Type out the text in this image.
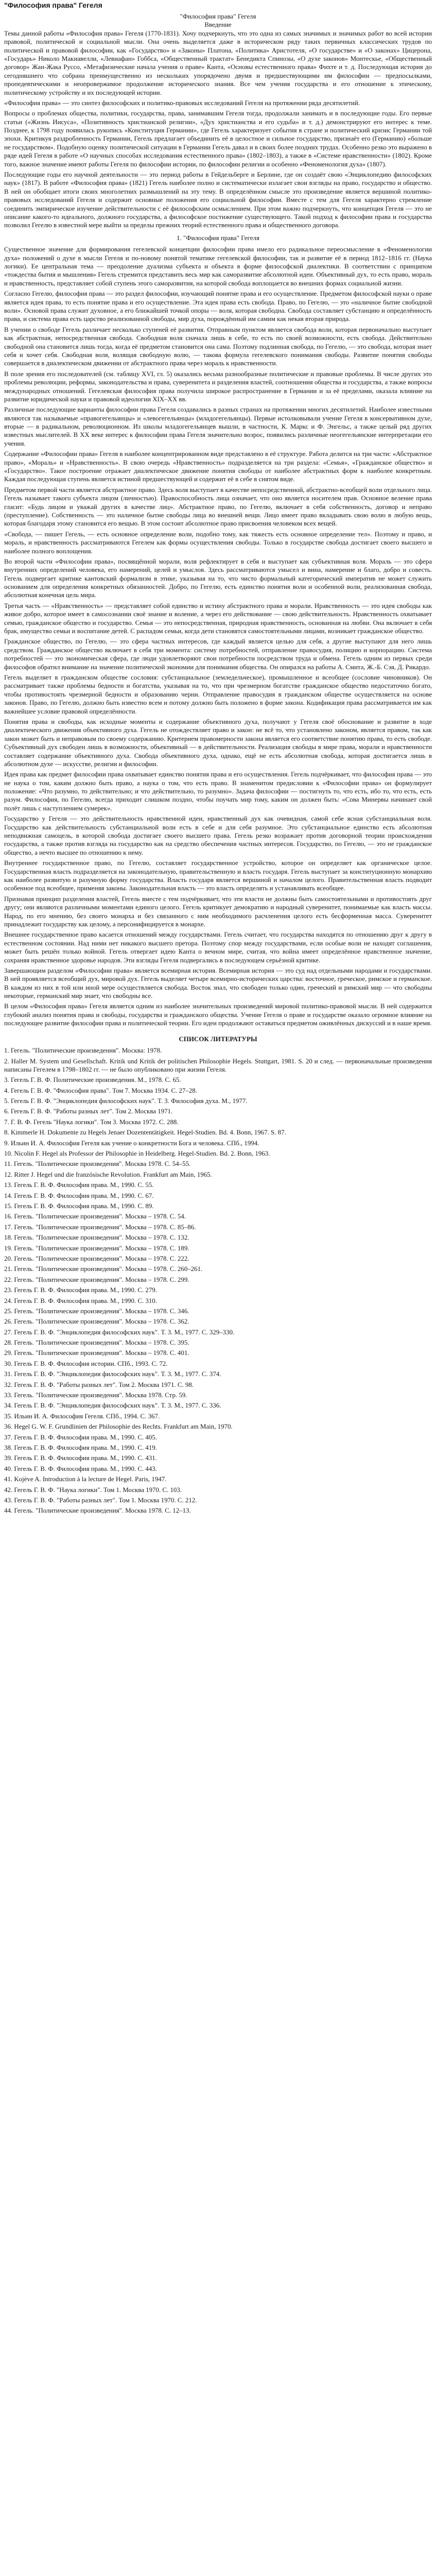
"Философия права" Гегеля

"Философия права" Гегеля

Введение

Темы данной работы «Философия права» Гегеля (1770-1831). Хочу подчеркнуть, что это одна из самых значимых и значимых работ во всей истории правовой, политической и социальной мысли. Она очень выделяется даже в историческом ряду таких первичных классических трудов по политической и правовой философии, как «Государство» и «Законы» Платона, «Политика» Аристотеля, «О государстве» и «О законах» Цицерона, «Государь» Николо Макиавелли, «Левиафан» Гоббса, «Общественный трактат» Бенедикта Спинозы, «О духе законов» Монтескье, «Общественный договор» Жан-Жака Руссо, «Метафизические начала учения о праве» Канта, «Основы естественного права» Фихте и т. д. Последующая история до сегодняшнего что собрана преимущественно из нескольких упорядочено двумя и предшествующими им философии — предпосылками, пропедевтическими и неопровержимое продолжение исторического знания. Все чем учения государства и его отношение к этическому, политическому устройству и их последующей истории.

«Философия права» — это синтез философских и политико-правовых исследований Гегеля на протяжении ряда десятилетий.

Вопросы о проблемах общества, политики, государства, права, занимавшим Гегеля тогда, продолжали занимать и в последующие годы. Его первые статьи («Жизнь Иисуса», «Позитивность христианской религии», «Дух христианства и его судьба» и т. д.) демонстрируют его интерес к теме. Позднее, к 1798 году появилась рукопись «Конституция Германии», где Гегель характеризует события в стране и политический кризис Германии той эпохи. Критикуя раздробленность Германии, Гегель предлагает объединить её в целостное и сильное государство, признаёт его (Германию) «больше не государством». Подобную оценку политической ситуации в Германии Гегель давал и в своих более поздних трудах. Особенно резко это выражено в ряде идей Гегеля в работе «О научных способах исследования естественного права» (1802–1803), а также в «Системе нравственности» (1802). Кроме того, важное значение имеют работы Гегеля по философии истории, по философии религии и особенно «Феноменология духа» (1807).

Последующие годы его научной деятельности — это период работы в Гейдельберге и Берлине, где он создаёт свою «Энциклопедию философских наук» (1817). В работе «Философия права» (1821) Гегель наиболее полно и систематически излагает свои взгляды на право, государство и общество. В ней он обобщает итоги своих многолетних размышлений на эту тему. В определённом смысле это произведение является вершиной политико-правовых исследований Гегеля и содержит основные положения его социальной философии. Вместе с тем для Гегеля характерно стремление соединить эмпирическое изучение действительности с её философским осмыслением. При этом важно подчеркнуть, что концепция Гегеля — это не описание какого-то идеального, должного государства, а философское постижение существующего. Такой подход к философии права и государства позволил Гегелю в известной мере выйти за пределы прежних теорий естественного права и общественного договора.

1. "Философия права" Гегеля

Существенное значение для формирования гегелевской концепции философии права имело его радикальное переосмысление в «Феноменологии духа» положений о духе в мысли Гегеля и по-новому понятой тематике гегелевской философии, так и развитие её в период 1812–1816 гг. (Наука логики). Ее центральная тема — преодоление дуализма субъекта и объекта в форме философской диалектики. В соответствии с принципом «тождества бытия и мышления» Гегель стремится представить весь мир как саморазвитие абсолютной идеи. Объективный дух, то есть право, мораль и нравственность, представляет собой ступень этого саморазвития, на которой свобода воплощается во внешних формах социальной жизни.

Согласно Гегелю, философия права — это раздел философии, изучающий понятие права и его осуществление. Предметом философской науки о праве является идея права, то есть понятие права и его осуществление. Эта идея права есть свобода. Право, по Гегелю, — это «наличное бытие свободной воли». Основой права служит духовное, а его ближайшей точкой опоры — воля, которая свободна. Свобода составляет субстанцию и определённость права, и система права есть царство реализованной свободы, мир духа, порождённый им самим как некая вторая природа.

В учении о свободе Гегель различает несколько ступеней её развития. Отправным пунктом является свобода воли, которая первоначально выступает как абстрактная, непосредственная свобода. Свободная воля сначала лишь в себе, то есть по своей возможности, есть свобода. Действительно свободной она становится лишь тогда, когда её предметом становится она сама. Поэтому подлинная свобода, по Гегелю, — это свобода, которая знает себя и хочет себя. Свободная воля, волящая свободную волю, — такова формула гегелевского понимания свободы. Развитие понятия свободы совершается в диалектическом движении от абстрактного права через мораль к нравственности.

В поле зрения его последователей (см. таблицу XVI, гл. 5) оказались весьма разнообразные политические и правовые проблемы. В числе других это проблемы революции, реформы, законодательства и права, суверенитета и разделения властей, соотношения общества и государства, а также вопросы международных отношений. Гегелевская философия права получила широкое распространение в Германии и за её пределами, оказала влияние на развитие юридической науки и правовой идеологии XIX–XX вв.

Различные последующие варианты философии права Гегеля создавались в разных странах на протяжении многих десятилетий. Наиболее известными являются так называемые «правогегельянцы» и «левогегельянцы» (младогегельянцы). Первые истолковывали учение Гегеля в консервативном духе, вторые — в радикальном, революционном. Из школы младогегельянцев вышли, в частности, К. Маркс и Ф. Энгельс, а также целый ряд других известных мыслителей. В XX веке интерес к философии права Гегеля значительно возрос, появились различные неогегельянские интерпретации его учения.

Содержание «Философии права» Гегеля в наиболее концентрированном виде представлено в её структуре. Работа делится на три части: «Абстрактное право», «Мораль» и «Нравственность». В свою очередь «Нравственность» подразделяется на три раздела: «Семья», «Гражданское общество» и «Государство». Такое построение отражает диалектическое движение понятия свободы от наиболее абстрактных форм к наиболее конкретным. Каждая последующая ступень является истиной предшествующей и содержит её в себе в снятом виде.

Предметом первой части является абстрактное право. Здесь воля выступает в качестве непосредственной, абстрактно-всеобщей воли отдельного лица. Гегель называет такого субъекта лицом (личностью). Правоспособность лица означает, что оно является носителем прав. Основное веление права гласит: «Будь лицом и уважай других в качестве лиц». Абстрактное право, по Гегелю, включает в себя собственность, договор и неправо (преступление). Собственность — это наличное бытие свободы лица во внешней вещи. Лицо имеет право вкладывать свою волю в любую вещь, которая благодаря этому становится его вещью. В этом состоит абсолютное право присвоения человеком всех вещей.

«Свобода, — пишет Гегель, — есть основное определение воли, подобно тому, как тяжесть есть основное определение тел». Поэтому и право, и мораль, и нравственность рассматриваются Гегелем как формы осуществления свободы. Только в государстве свобода достигает своего высшего и наиболее полного воплощения.

Во второй части «Философии права», посвящённой морали, воля рефлектирует в себя и выступает как субъективная воля. Мораль — это сфера внутренних определений человека, его намерений, целей и умыслов. Здесь рассматриваются умысел и вина, намерение и благо, добро и совесть. Гегель подвергает критике кантовский формализм в этике, указывая на то, что чисто формальный категорический императив не может служить основанием для определения конкретных обязанностей. Добро, по Гегелю, есть единство понятия воли и особенной воли, реализованная свобода, абсолютная конечная цель мира.

Третья часть — «Нравственность» — представляет собой единство и истину абстрактного права и морали. Нравственность — это идея свободы как живое добро, которое имеет в самосознании своё знание и воление, а через его действование — свою действительность. Нравственность охватывает семью, гражданское общество и государство. Семья — это непосредственная, природная нравственность, основанная на любви. Она включает в себя брак, имущество семьи и воспитание детей. С распадом семьи, когда дети становятся самостоятельными лицами, возникает гражданское общество.

Гражданское общество, по Гегелю, — это сфера частных интересов, где каждый является целью для себя, а другие выступают для него лишь средством. Гражданское общество включает в себя три момента: систему потребностей, отправление правосудия, полицию и корпорацию. Система потребностей — это экономическая сфера, где люди удовлетворяют свои потребности посредством труда и обмена. Гегель одним из первых среди философов обратил внимание на значение политической экономии для понимания общества. Он опирался на работы А. Смита, Ж.-Б. Сэя, Д. Рикардо.

Гегель выделяет в гражданском обществе сословия: субстанциальное (земледельческое), промышленное и всеобщее (сословие чиновников). Он рассматривает также проблемы бедности и богатства, указывая на то, что при чрезмерном богатстве гражданское общество недостаточно богато, чтобы противостоять чрезмерной бедности и образованию черни. Отправление правосудия в гражданском обществе осуществляется на основе законов. Право, по Гегелю, должно быть известно всем и потому должно быть положено в форме закона. Кодификация права рассматривается им как важнейшее условие правовой определённости.

Понятия права и свободы, как исходные моменты и содержание объективного духа, получают у Гегеля своё обоснование и развитие в ходе диалектического движения объективного духа. Гегель не отождествляет право и закон: не всё то, что установлено законом, является правом, так как закон может быть и неправовым по своему содержанию. Критерием правомерности закона является его соответствие понятию права, то есть свободе. Субъективный дух свободен лишь в возможности, объективный — в действительности. Реализация свободы в мире права, морали и нравственности составляет содержание объективного духа. Свобода объективного духа, однако, ещё не есть абсолютная свобода, которая достигается лишь в абсолютном духе — искусстве, религии и философии.

Идея права как предмет философии права охватывает единство понятия права и его осуществления. Гегель подчёркивает, что философия права — это не наука о том, каким должно быть право, а наука о том, что есть право. В знаменитом предисловии к «Философии права» он формулирует положение: «Что разумно, то действительно; и что действительно, то разумно». Задача философии — постигнуть то, что есть, ибо то, что есть, есть разум. Философия, по Гегелю, всегда приходит слишком поздно, чтобы поучать мир тому, каким он должен быть: «Сова Минервы начинает свой полёт лишь с наступлением сумерек».

Государство у Гегеля — это действительность нравственной идеи, нравственный дух как очевидная, самой себе ясная субстанциальная воля. Государство как действительность субстанциальной воли есть в себе и для себя разумное. Это субстанциальное единство есть абсолютная неподвижная самоцель, в которой свобода достигает своего высшего права. Гегель резко возражает против договорной теории происхождения государства, а также против взгляда на государство как на средство обеспечения частных интересов. Государство, по Гегелю, — это не гражданское общество, а нечто высшее по отношению к нему.

Внутреннее государственное право, по Гегелю, составляет государственное устройство, которое он определяет как органическое целое. Государственная власть подразделяется на законодательную, правительственную и власть государя. Гегель выступает за конституционную монархию как наиболее развитую и разумную форму государства. Власть государя является вершиной и началом целого. Правительственная власть подводит особенное под всеобщее, применяя законы. Законодательная власть — это власть определять и устанавливать всеобщее.

Признавая принцип разделения властей, Гегель вместе с тем подчёркивает, что эти власти не должны быть самостоятельными и противостоять друг другу; они являются различными моментами единого целого. Гегель критикует демократию и народный суверенитет, понимаемые как власть массы. Народ, по его мнению, без своего монарха и без связанного с ним необходимого расчленения целого есть бесформенная масса. Суверенитет принадлежит государству как целому, а персонифицируется в монархе.

Внешнее государственное право касается отношений между государствами. Гегель считает, что государства находятся по отношению друг к другу в естественном состоянии. Над ними нет никакого высшего претора. Поэтому спор между государствами, если особые воли не находят соглашения, может быть решён только войной. Гегель отвергает идею Канта о вечном мире, считая, что война имеет определённое нравственное значение, сохраняя нравственное здоровье народов. Эти взгляды Гегеля подвергались в последующем серьёзной критике.

Завершающим разделом «Философии права» является всемирная история. Всемирная история — это суд над отдельными народами и государствами. В ней проявляется всеобщий дух, мировой дух. Гегель выделяет четыре всемирно-исторических царства: восточное, греческое, римское и германское. В каждом из них в той или иной мере осуществляется свобода. Восток знал, что свободен только один, греческий и римский мир — что свободны некоторые, германский мир знает, что свободны все.

В целом «Философия права» Гегеля является одним из наиболее значительных произведений мировой политико-правовой мысли. В ней содержится глубокий анализ понятия права и свободы, государства и гражданского общества. Учение Гегеля о праве и государстве оказало огромное влияние на последующее развитие философии права и политической теории. Его идеи продолжают оставаться предметом оживлённых дискуссий и в наше время.

СПИСОК ЛИТЕРАТУРЫ

1. Гегель. "Политические произведения". Москва: 1978.
2. Haller M. System und Gesellschaft. Kritik und Kritik der politischen Philosophie Hegels. Stuttgart, 1981. S. 20 и след. — первоначальные произведения написаны Гегелем в 1798–1802 гг. — не было опубликовано при жизни Гегеля.
3. Гегель Г. В. Ф. Политические произведения. М., 1978. С. 65.
4. Гегель Г. В. Ф. "Философия права". Том 7. Москва 1934. С. 27–28.
5. Гегель Г. В. Ф. "Энциклопедия философских наук". Т. 3. Философия духа. М., 1977.
6. Гегель Г. В. Ф. "Работы разных лет". Том 2. Москва 1971.
7. Г. В. Ф. Гегель "Наука логики". Том 3. Москва 1972. С. 288.
8. Kimmerle H. Dokumente zu Hegels Jenaer Dozententätigkeit. Hegel-Studien. Bd. 4. Bonn, 1967. S. 87.
9. Ильин И. А. Философия Гегеля как учение о конкретности Бога и человека. СПб., 1994.
10. Nicolin F. Hegel als Professor der Philosophie in Heidelberg. Hegel-Studien. Bd. 2. Bonn, 1963.
11. Гегель. "Политические произведения". Москва 1978. С. 54–55.
12. Ritter J. Hegel und die französische Revolution. Frankfurt am Main, 1965.
13. Гегель Г. В. Ф. Философия права. М., 1990. С. 55.
14. Гегель Г. В. Ф. Философия права. М., 1990. С. 67.
15. Гегель Г. В. Ф. Философия права. М., 1990. С. 89.
16. Гегель. "Политические произведения". Москва – 1978. С. 54.
17. Гегель. "Политические произведения". Москва – 1978. С. 85–86.
18. Гегель. "Политические произведения". Москва – 1978. С. 132.
19. Гегель. "Политические произведения". Москва – 1978. С. 189.
20. Гегель. "Политические произведения". Москва – 1978. С. 222.
21. Гегель. "Политические произведения". Москва – 1978. С. 260–261.
22. Гегель. "Политические произведения". Москва – 1978. С. 299.
23. Гегель Г. В. Ф. Философия права. М., 1990. С. 279.
24. Гегель Г. В. Ф. Философия права. М., 1990. С. 310.
25. Гегель. "Политические произведения". Москва – 1978. С. 346.
26. Гегель. "Политические произведения". Москва – 1978. С. 362.
27. Гегель Г. В. Ф. "Энциклопедия философских наук". Т. 3. М., 1977. С. 329–330.
28. Гегель. "Политические произведения". Москва – 1978. С. 395.
29. Гегель. "Политические произведения". Москва – 1978. С. 401.
30. Гегель Г. В. Ф. Философия истории. СПб., 1993. С. 72.
31. Гегель Г. В. Ф. "Энциклопедия философских наук". Т. 3. М., 1977. С. 374.
32. Гегель Г. В. Ф. "Работы разных лет". Том 2. Москва 1971. С. 98.
33. Гегель. "Политические произведения". Москва 1978. Стр. 59.
34. Гегель Г. В. Ф. "Энциклопедия философских наук". Т. 3. М., 1977. С. 336.
35. Ильин И. А. Философия Гегеля. СПб., 1994. С. 367.
36. Hegel G. W. F. Grundlinien der Philosophie des Rechts. Frankfurt am Main, 1970.
37. Гегель Г. В. Ф. Философия права. М., 1990. С. 405.
38. Гегель Г. В. Ф. Философия права. М., 1990. С. 419.
39. Гегель Г. В. Ф. Философия права. М., 1990. С. 431.
40. Гегель Г. В. Ф. Философия права. М., 1990. С. 443.
41. Kojève A. Introduction à la lecture de Hegel. Paris, 1947.
42. Гегель Г. В. Ф. "Наука логики". Том 1. Москва 1970. С. 103.
43. Гегель Г. В. Ф. "Работы разных лет". Том 1. Москва 1970. С. 212.
44. Гегель. "Политические произведения". Москва 1978. С. 12–13.
